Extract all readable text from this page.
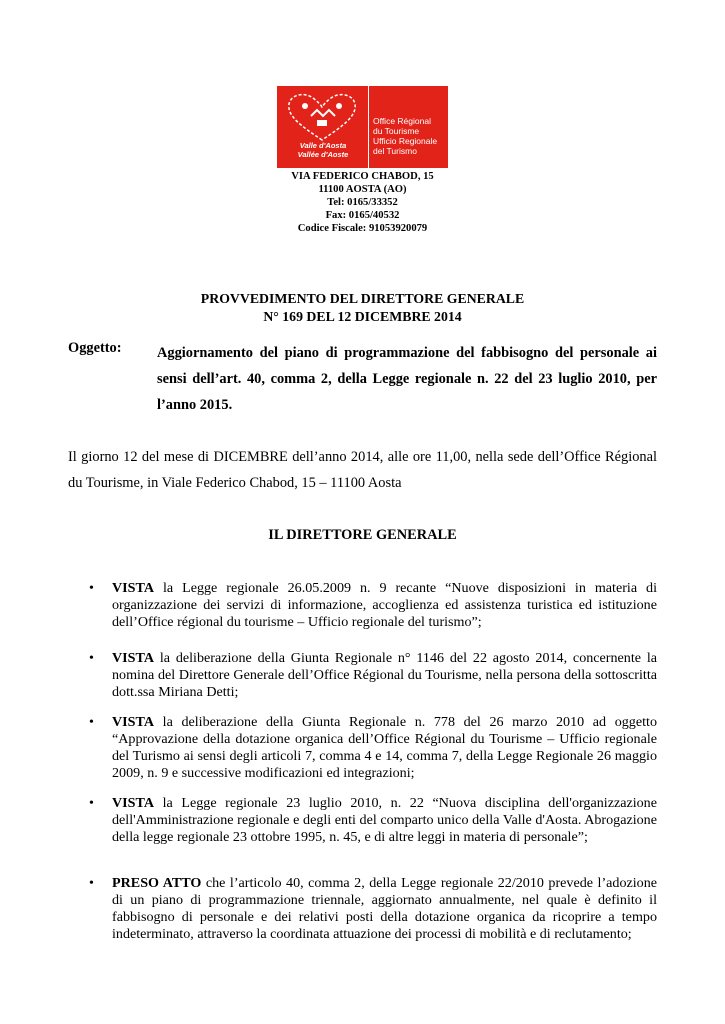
Valle d'Aosta
Vallée d'Aoste
Office Régional
du Tourisme
Ufficio Regionale
del Turismo
VIA FEDERICO CHABOD, 15
11100 AOSTA (AO)
Tel: 0165/33352
Fax: 0165/40532
Codice Fiscale: 91053920079
PROVVEDIMENTO DEL DIRETTORE GENERALE
N° 169 DEL 12 DICEMBRE 2014
Oggetto: Aggiornamento del piano di programmazione del fabbisogno del personale ai sensi dell’art. 40, comma 2, della Legge regionale n. 22 del 23 luglio 2010, per l’anno 2015.
Il giorno 12 del mese di DICEMBRE dell’anno 2014, alle ore 11,00, nella sede dell’Office Régional du Tourisme, in Viale Federico Chabod, 15 – 11100 Aosta
IL DIRETTORE GENERALE
• VISTA la Legge regionale 26.05.2009 n. 9 recante “Nuove disposizioni in materia di organizzazione dei servizi di informazione, accoglienza ed assistenza turistica ed istituzione dell’Office régional du tourisme – Ufficio regionale del turismo”;
• VISTA la deliberazione della Giunta Regionale n° 1146 del 22 agosto 2014, concernente la nomina del Direttore Generale dell’Office Régional du Tourisme, nella persona della sottoscritta dott.ssa Miriana Detti;
• VISTA la deliberazione della Giunta Regionale n. 778 del 26 marzo 2010 ad oggetto “Approvazione della dotazione organica dell’Office Régional du Tourisme – Ufficio regionale del Turismo ai sensi degli articoli 7, comma 4 e 14, comma 7, della Legge Regionale 26 maggio 2009, n. 9 e successive modificazioni ed integrazioni;
• VISTA la Legge regionale 23 luglio 2010, n. 22 “Nuova disciplina dell'organizzazione dell'Amministrazione regionale e degli enti del comparto unico della Valle d'Aosta. Abrogazione della legge regionale 23 ottobre 1995, n. 45, e di altre leggi in materia di personale”;
• PRESO ATTO che l’articolo 40, comma 2, della Legge regionale 22/2010 prevede l’adozione di un piano di programmazione triennale, aggiornato annualmente, nel quale è definito il fabbisogno di personale e dei relativi posti della dotazione organica da ricoprire a tempo indeterminato, attraverso la coordinata attuazione dei processi di mobilità e di reclutamento;
